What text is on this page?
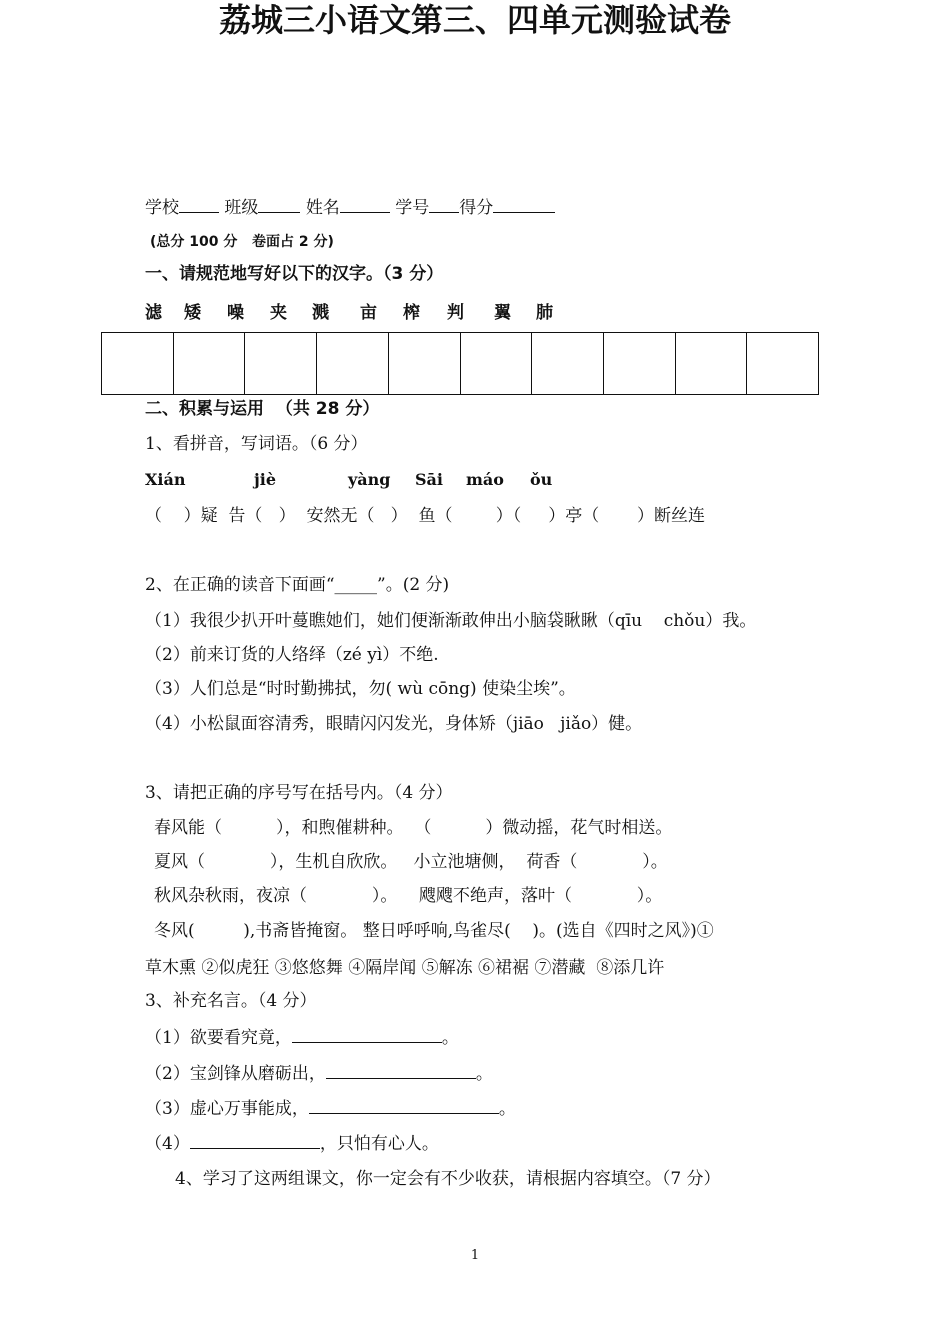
荔城三小语文第三、四单元测验试卷
学校	班级	姓名	学号 得分
(总分 100 分   卷面占 2 分)
一、请规范地写好以下的汉字。（3 分）
滤 矮 噪 夹 溅 亩 榨 判 翼 肺
二、积累与运用  （共 28 分）
1、看拼音，写词语。（6 分）
Xián	jiè	yàng Sāi máo ǒu
（    ）疑  告（   ）  安然无（   ）  鱼（        ）（     ）亭（       ）断丝连
2、在正确的读音下面画“_____”。(2 分)
（1）我很少扒开叶蔓瞧她们，她们便渐渐敢伸出小脑袋瞅瞅（qīu    chǒu）我。
（2）前来订货的人络绎（zé yì）不绝.
（3）人们总是“时时勤拂拭，勿( wù cōng) 使染尘埃”。
（4）小松鼠面容清秀，眼睛闪闪发光，身体矫（jiāo   jiǎo）健。
3、请把正确的序号写在括号内。（4 分）
春风能（          ），和煦催耕种。  （          ）微动摇，花气时相送。
夏风（            ），生机自欣欣。   小立池塘侧，  荷香（            ）。
秋风杂秋雨，夜凉（            ）。    飕飕不绝声，落叶（            ）。
冬风(         ),书斋皆掩窗。 整日呼呼响,鸟雀尽(    )。(选自《四时之风》)①
草木熏 ②似虎狂 ③悠悠舞 ④隔岸闻 ⑤解冻 ⑥裙裾 ⑦潜藏  ⑧添几许
3、补充名言。（4 分）
（1）欲要看究竟，	。
（2）宝剑锋从磨砺出，	。
（3）虚心万事能成，	。
（4）	，只怕有心人。
4、学习了这两组课文，你一定会有不少收获，请根据内容填空。（7 分）
1
